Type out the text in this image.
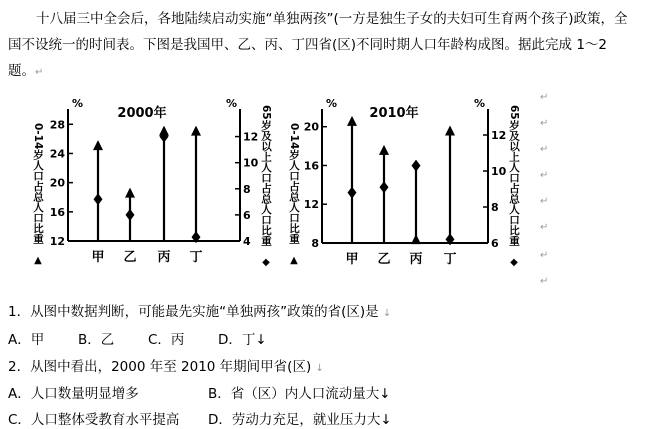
十八届三中全会后，各地陆续启动实施“单独两孩”(一方是独生子女的夫妇可生育两个孩子)政策，全国不设统一的时间表。下图是我国甲、乙、丙、丁四省(区)不同时期人口年龄构成图。据此完成 1～2 题。↵

2000年
%	%
12
16
20
24
28
4
6
8
10
12
0-14岁人口占总人口比重
▲
65岁及以上人口占总人口比重
◆
甲 乙 丙 丁
2010年
%	%
8
12
16
20
6
8
10
12
0-14岁人口占总人口比重
▲
65岁及以上人口占总人口比重
◆
甲 乙 丙 丁
↵
↵
↵
↵
↵
↵
↵
↵
1．从图中数据判断，可能最先实施“单独两孩”政策的省(区)是 ↓
A．甲	B．乙 C．丙 D．丁↓
2．从图中看出，2000 年至 2010 年期间甲省(区) ↓
A．人口数量明显增多	B．省（区）内人口流动量大↓
C．人口整体受教育水平提高 D．劳动力充足，就业压力大↓
